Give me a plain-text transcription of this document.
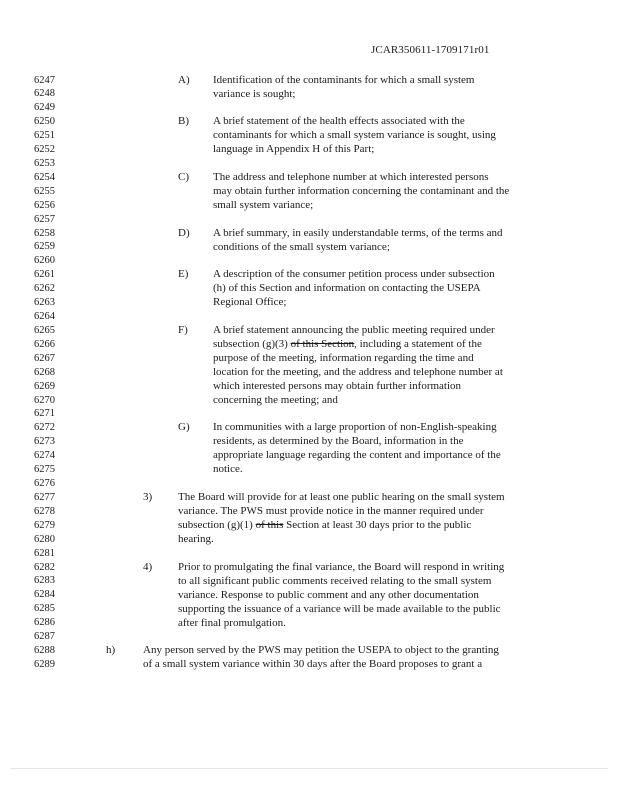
JCAR350611-1709171r01
6247
6248
6249
6250
6251
6252
6253
6254
6255
6256
6257
6258
6259
6260
6261
6262
6263
6264
6265
6266
6267
6268
6269
6270
6271
6272
6273
6274
6275
6276
6277
6278
6279
6280
6281
6282
6283
6284
6285
6286
6287
6288
6289
A) Identification of the contaminants for which a small system
variance is sought;
B) A brief statement of the health effects associated with the
contaminants for which a small system variance is sought, using
language in Appendix H of this Part;
C) The address and telephone number at which interested persons
may obtain further information concerning the contaminant and the
small system variance;
D) A brief summary, in easily understandable terms, of the terms and
conditions of the small system variance;
E) A description of the consumer petition process under subsection
(h) of this Section and information on contacting the USEPA
Regional Office;
F) A brief statement announcing the public meeting required under
subsection (g)(3) of this Section, including a statement of the
purpose of the meeting, information regarding the time and
location for the meeting, and the address and telephone number at
which interested persons may obtain further information
concerning the meeting; and
G) In communities with a large proportion of non-English-speaking
residents, as determined by the Board, information in the
appropriate language regarding the content and importance of the
notice.
3) The Board will provide for at least one public hearing on the small system
variance. The PWS must provide notice in the manner required under
subsection (g)(1) of this Section at least 30 days prior to the public
hearing.
4) Prior to promulgating the final variance, the Board will respond in writing
to all significant public comments received relating to the small system
variance. Response to public comment and any other documentation
supporting the issuance of a variance will be made available to the public
after final promulgation.
h)	Any person served by the PWS may petition the USEPA to object to the granting
of a small system variance within 30 days after the Board proposes to grant a
